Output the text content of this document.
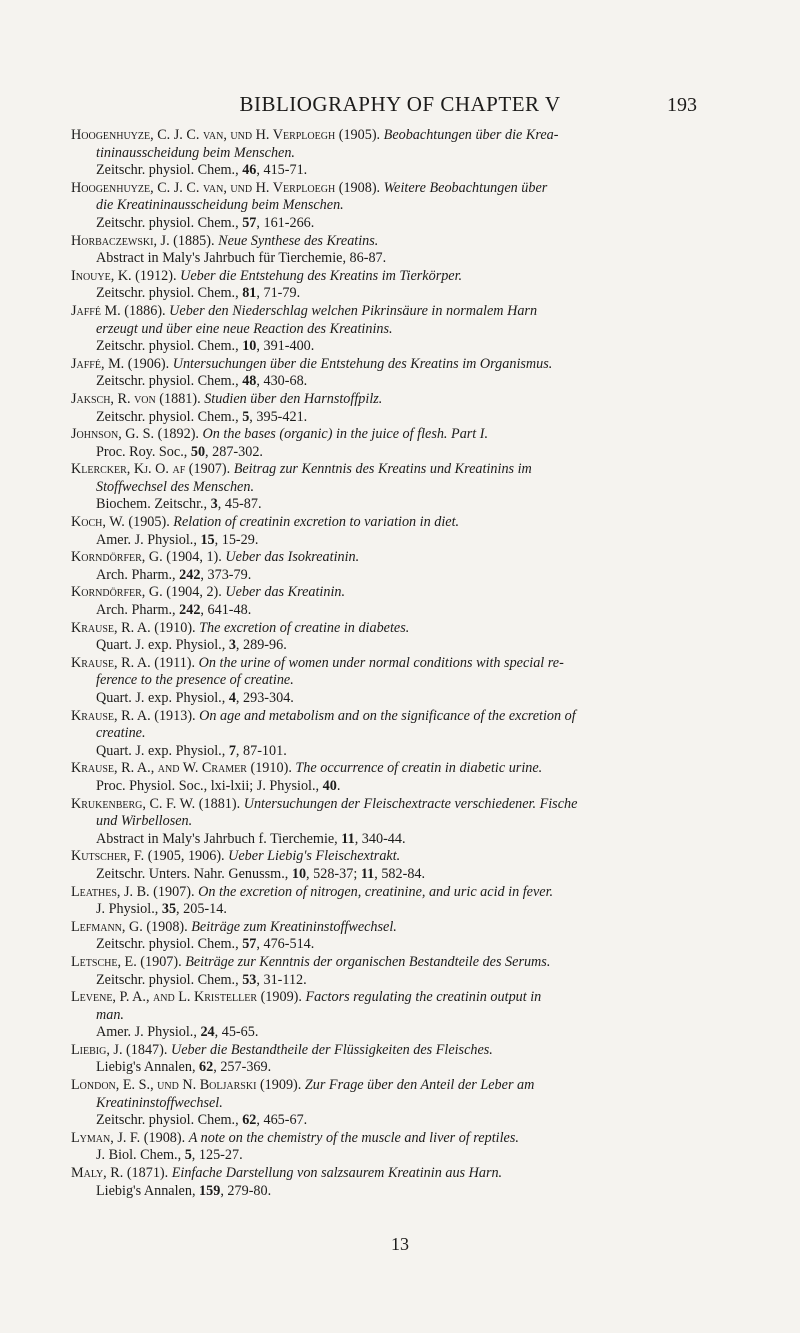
BIBLIOGRAPHY OF CHAPTER V	193
Hoogenhuyze, C. J. C. van, und H. Verploegh (1905). Beobachtungen über die Krea-
tininausscheidung beim Menschen.
Zeitschr. physiol. Chem., 46, 415-71.
Hoogenhuyze, C. J. C. van, und H. Verploegh (1908). Weitere Beobachtungen über
die Kreatininausscheidung beim Menschen.
Zeitschr. physiol. Chem., 57, 161-266.
Horbaczewski, J. (1885). Neue Synthese des Kreatins.
Abstract in Maly's Jahrbuch für Tierchemie, 86-87.
Inouye, K. (1912). Ueber die Entstehung des Kreatins im Tierkörper.
Zeitschr. physiol. Chem., 81, 71-79.
Jaffé M. (1886). Ueber den Niederschlag welchen Pikrinsäure in normalem Harn
erzeugt und über eine neue Reaction des Kreatinins.
Zeitschr. physiol. Chem., 10, 391-400.
Jaffé, M. (1906). Untersuchungen über die Entstehung des Kreatins im Organismus.
Zeitschr. physiol. Chem., 48, 430-68.
Jaksch, R. von (1881). Studien über den Harnstoffpilz.
Zeitschr. physiol. Chem., 5, 395-421.
Johnson, G. S. (1892). On the bases (organic) in the juice of flesh. Part I.
Proc. Roy. Soc., 50, 287-302.
Klercker, Kj. O. af (1907). Beitrag zur Kenntnis des Kreatins und Kreatinins im
Stoffwechsel des Menschen.
Biochem. Zeitschr., 3, 45-87.
Koch, W. (1905). Relation of creatinin excretion to variation in diet.
Amer. J. Physiol., 15, 15-29.
Korndörfer, G. (1904, 1). Ueber das Isokreatinin.
Arch. Pharm., 242, 373-79.
Korndörfer, G. (1904, 2). Ueber das Kreatinin.
Arch. Pharm., 242, 641-48.
Krause, R. A. (1910). The excretion of creatine in diabetes.
Quart. J. exp. Physiol., 3, 289-96.
Krause, R. A. (1911). On the urine of women under normal conditions with special re-
ference to the presence of creatine.
Quart. J. exp. Physiol., 4, 293-304.
Krause, R. A. (1913). On age and metabolism and on the significance of the excretion of
creatine.
Quart. J. exp. Physiol., 7, 87-101.
Krause, R. A., and W. Cramer (1910). The occurrence of creatin in diabetic urine.
Proc. Physiol. Soc., lxi-lxii; J. Physiol., 40.
Krukenberg, C. F. W. (1881). Untersuchungen der Fleischextracte verschiedener. Fische
und Wirbellosen.
Abstract in Maly's Jahrbuch f. Tierchemie, 11, 340-44.
Kutscher, F. (1905, 1906). Ueber Liebig's Fleischextrakt.
Zeitschr. Unters. Nahr. Genussm., 10, 528-37; 11, 582-84.
Leathes, J. B. (1907). On the excretion of nitrogen, creatinine, and uric acid in fever.
J. Physiol., 35, 205-14.
Lefmann, G. (1908). Beiträge zum Kreatininstoffwechsel.
Zeitschr. physiol. Chem., 57, 476-514.
Letsche, E. (1907). Beiträge zur Kenntnis der organischen Bestandteile des Serums.
Zeitschr. physiol. Chem., 53, 31-112.
Levene, P. A., and L. Kristeller (1909). Factors regulating the creatinin output in
man.
Amer. J. Physiol., 24, 45-65.
Liebig, J. (1847). Ueber die Bestandtheile der Flüssigkeiten des Fleisches.
Liebig's Annalen, 62, 257-369.
London, E. S., und N. Boljarski (1909). Zur Frage über den Anteil der Leber am
Kreatininstoffwechsel.
Zeitschr. physiol. Chem., 62, 465-67.
Lyman, J. F. (1908). A note on the chemistry of the muscle and liver of reptiles.
J. Biol. Chem., 5, 125-27.
Maly, R. (1871). Einfache Darstellung von salzsaurem Kreatinin aus Harn.
Liebig's Annalen, 159, 279-80.
13
